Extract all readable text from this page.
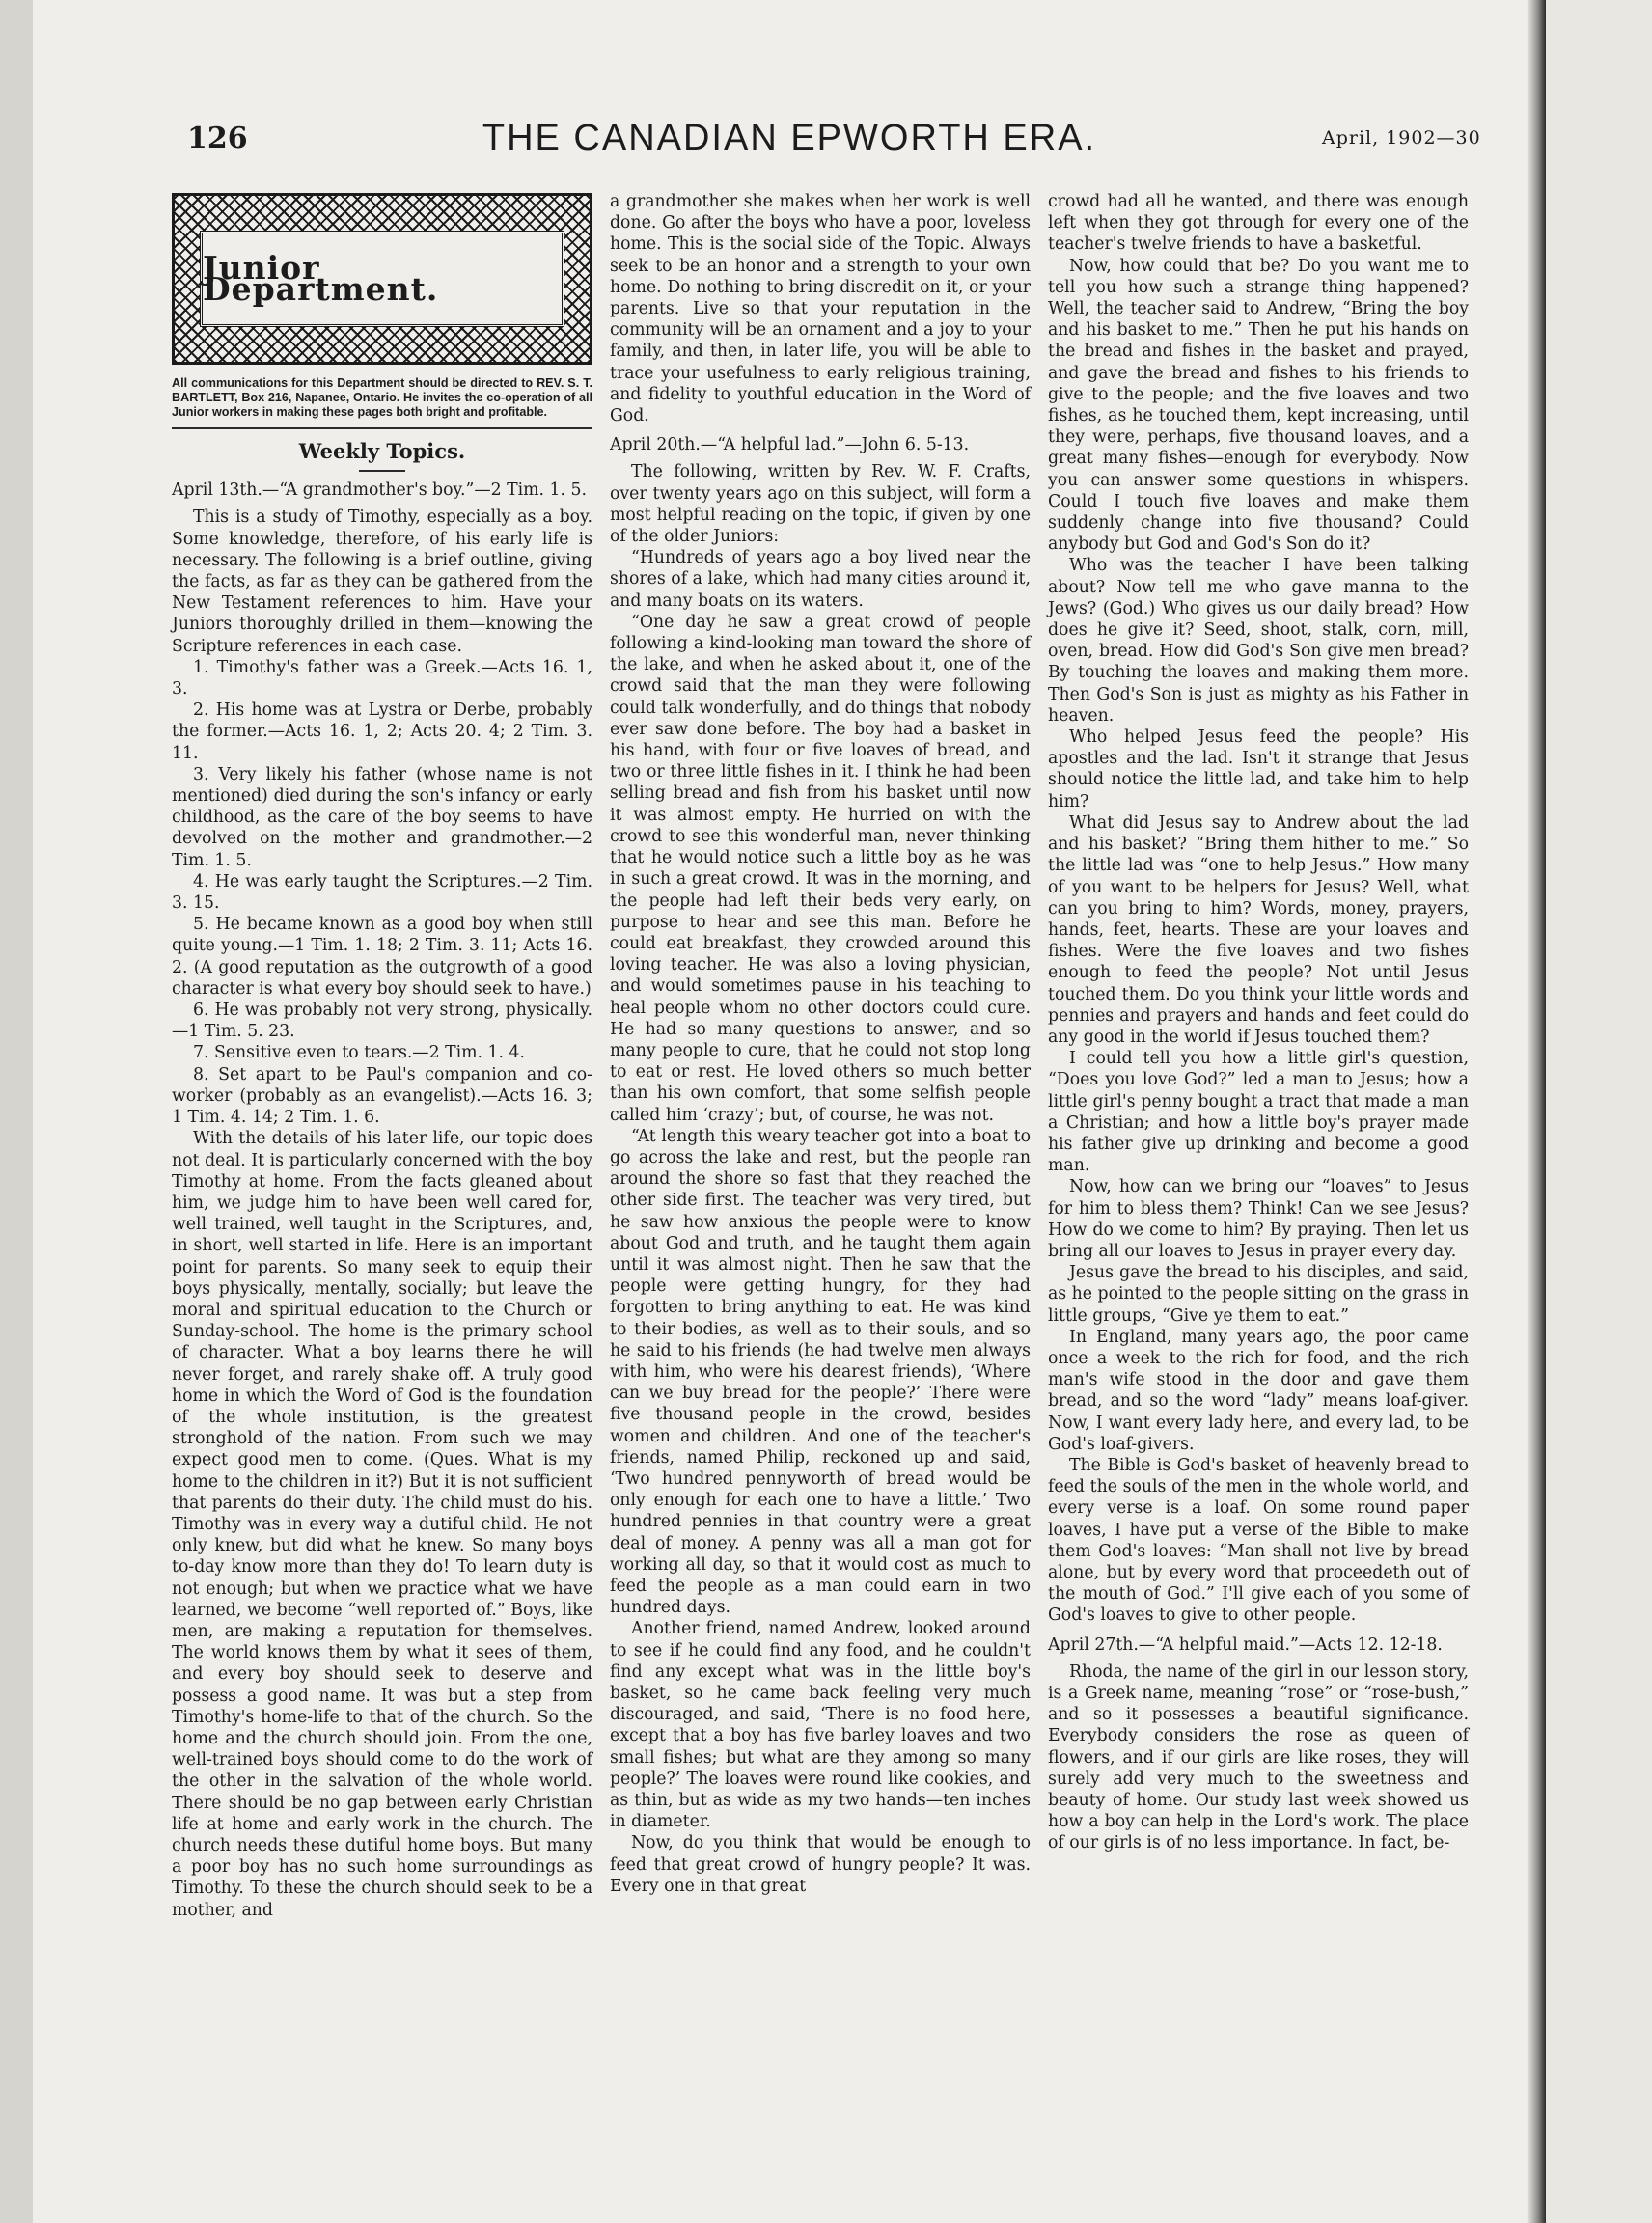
126	THE CANADIAN EPWORTH ERA.	April, 1902—30
Junior Department.
All communications for this Department should be directed to REV. S. T. BARTLETT, Box 216, Napanee, Ontario. He invites the co-operation of all Junior workers in making these pages both bright and profitable.
Weekly Topics.

April 13th.—“A grandmother's boy.”—2 Tim. 1. 5.

This is a study of Timothy, especially as a boy. Some knowledge, therefore, of his early life is necessary. The following is a brief outline, giving the facts, as far as they can be gathered from the New Testament references to him. Have your Juniors thoroughly drilled in them—knowing the Scripture references in each case.

1. Timothy's father was a Greek.—Acts 16. 1, 3.

2. His home was at Lystra or Derbe, probably the former.—Acts 16. 1, 2; Acts 20. 4; 2 Tim. 3. 11.

3. Very likely his father (whose name is not mentioned) died during the son's infancy or early childhood, as the care of the boy seems to have devolved on the mother and grandmother.—2 Tim. 1. 5.

4. He was early taught the Scriptures.—2 Tim. 3. 15.

5. He became known as a good boy when still quite young.—1 Tim. 1. 18; 2 Tim. 3. 11; Acts 16. 2. (A good reputation as the outgrowth of a good character is what every boy should seek to have.)

6. He was probably not very strong, physically.—1 Tim. 5. 23.

7. Sensitive even to tears.—2 Tim. 1. 4.

8. Set apart to be Paul's companion and co-worker (probably as an evangelist).—Acts 16. 3; 1 Tim. 4. 14; 2 Tim. 1. 6.

With the details of his later life, our topic does not deal. It is particularly concerned with the boy Timothy at home. From the facts gleaned about him, we judge him to have been well cared for, well trained, well taught in the Scriptures, and, in short, well started in life. Here is an important point for parents. So many seek to equip their boys physically, mentally, socially; but leave the moral and spiritual education to the Church or Sunday-school. The home is the primary school of character. What a boy learns there he will never forget, and rarely shake off. A truly good home in which the Word of God is the foundation of the whole institution, is the greatest stronghold of the nation. From such we may expect good men to come. (Ques. What is my home to the children in it?) But it is not sufficient that parents do their duty. The child must do his. Timothy was in every way a dutiful child. He not only knew, but did what he knew. So many boys to-day know more than they do! To learn duty is not enough; but when we practice what we have learned, we become “well reported of.” Boys, like men, are making a reputation for themselves. The world knows them by what it sees of them, and every boy should seek to deserve and possess a good name. It was but a step from Timothy's home-life to that of the church. So the home and the church should join. From the one, well-trained boys should come to do the work of the other in the salvation of the whole world. There should be no gap between early Christian life at home and early work in the church. The church needs these dutiful home boys. But many a poor boy has no such home surroundings as Timothy. To these the church should seek to be a mother, and

a grandmother she makes when her work is well done. Go after the boys who have a poor, loveless home. This is the social side of the Topic. Always seek to be an honor and a strength to your own home. Do nothing to bring discredit on it, or your parents. Live so that your reputation in the community will be an ornament and a joy to your family, and then, in later life, you will be able to trace your usefulness to early religious training, and fidelity to youthful education in the Word of God.

April 20th.—“A helpful lad.”—John 6. 5-13.

The following, written by Rev. W. F. Crafts, over twenty years ago on this subject, will form a most helpful reading on the topic, if given by one of the older Juniors:

“Hundreds of years ago a boy lived near the shores of a lake, which had many cities around it, and many boats on its waters.

“One day he saw a great crowd of people following a kind-looking man toward the shore of the lake, and when he asked about it, one of the crowd said that the man they were following could talk wonderfully, and do things that nobody ever saw done before. The boy had a basket in his hand, with four or five loaves of bread, and two or three little fishes in it. I think he had been selling bread and fish from his basket until now it was almost empty. He hurried on with the crowd to see this wonderful man, never thinking that he would notice such a little boy as he was in such a great crowd. It was in the morning, and the people had left their beds very early, on purpose to hear and see this man. Before he could eat breakfast, they crowded around this loving teacher. He was also a loving physician, and would sometimes pause in his teaching to heal people whom no other doctors could cure. He had so many questions to answer, and so many people to cure, that he could not stop long to eat or rest. He loved others so much better than his own comfort, that some selfish people called him ‘crazy’; but, of course, he was not.

“At length this weary teacher got into a boat to go across the lake and rest, but the people ran around the shore so fast that they reached the other side first. The teacher was very tired, but he saw how anxious the people were to know about God and truth, and he taught them again until it was almost night. Then he saw that the people were getting hungry, for they had forgotten to bring anything to eat. He was kind to their bodies, as well as to their souls, and so he said to his friends (he had twelve men always with him, who were his dearest friends), ‘Where can we buy bread for the people?’ There were five thousand people in the crowd, besides women and children. And one of the teacher's friends, named Philip, reckoned up and said, ‘Two hundred pennyworth of bread would be only enough for each one to have a little.’ Two hundred pennies in that country were a great deal of money. A penny was all a man got for working all day, so that it would cost as much to feed the people as a man could earn in two hundred days.

Another friend, named Andrew, looked around to see if he could find any food, and he couldn't find any except what was in the little boy's basket, so he came back feeling very much discouraged, and said, ‘There is no food here, except that a boy has five barley loaves and two small fishes; but what are they among so many people?’ The loaves were round like cookies, and as thin, but as wide as my two hands—ten inches in diameter.

Now, do you think that would be enough to feed that great crowd of hungry people? It was. Every one in that great

crowd had all he wanted, and there was enough left when they got through for every one of the teacher's twelve friends to have a basketful.

Now, how could that be? Do you want me to tell you how such a strange thing happened? Well, the teacher said to Andrew, “Bring the boy and his basket to me.” Then he put his hands on the bread and fishes in the basket and prayed, and gave the bread and fishes to his friends to give to the people; and the five loaves and two fishes, as he touched them, kept increasing, until they were, perhaps, five thousand loaves, and a great many fishes—enough for everybody. Now you can answer some questions in whispers. Could I touch five loaves and make them suddenly change into five thousand? Could anybody but God and God's Son do it?

Who was the teacher I have been talking about? Now tell me who gave manna to the Jews? (God.) Who gives us our daily bread? How does he give it? Seed, shoot, stalk, corn, mill, oven, bread. How did God's Son give men bread? By touching the loaves and making them more. Then God's Son is just as mighty as his Father in heaven.

Who helped Jesus feed the people? His apostles and the lad. Isn't it strange that Jesus should notice the little lad, and take him to help him?

What did Jesus say to Andrew about the lad and his basket? “Bring them hither to me.” So the little lad was “one to help Jesus.” How many of you want to be helpers for Jesus? Well, what can you bring to him? Words, money, prayers, hands, feet, hearts. These are your loaves and fishes. Were the five loaves and two fishes enough to feed the people? Not until Jesus touched them. Do you think your little words and pennies and prayers and hands and feet could do any good in the world if Jesus touched them?

I could tell you how a little girl's question, “Does you love God?” led a man to Jesus; how a little girl's penny bought a tract that made a man a Christian; and how a little boy's prayer made his father give up drinking and become a good man.

Now, how can we bring our “loaves” to Jesus for him to bless them? Think! Can we see Jesus? How do we come to him? By praying. Then let us bring all our loaves to Jesus in prayer every day.

Jesus gave the bread to his disciples, and said, as he pointed to the people sitting on the grass in little groups, “Give ye them to eat.”

In England, many years ago, the poor came once a week to the rich for food, and the rich man's wife stood in the door and gave them bread, and so the word “lady” means loaf-giver. Now, I want every lady here, and every lad, to be God's loaf-givers.

The Bible is God's basket of heavenly bread to feed the souls of the men in the whole world, and every verse is a loaf. On some round paper loaves, I have put a verse of the Bible to make them God's loaves: “Man shall not live by bread alone, but by every word that proceedeth out of the mouth of God.” I'll give each of you some of God's loaves to give to other people.

April 27th.—“A helpful maid.”—Acts 12. 12-18.

Rhoda, the name of the girl in our lesson story, is a Greek name, meaning “rose” or “rose-bush,” and so it possesses a beautiful significance. Everybody considers the rose as queen of flowers, and if our girls are like roses, they will surely add very much to the sweetness and beauty of home. Our study last week showed us how a boy can help in the Lord's work. The place of our girls is of no less importance. In fact, be-
